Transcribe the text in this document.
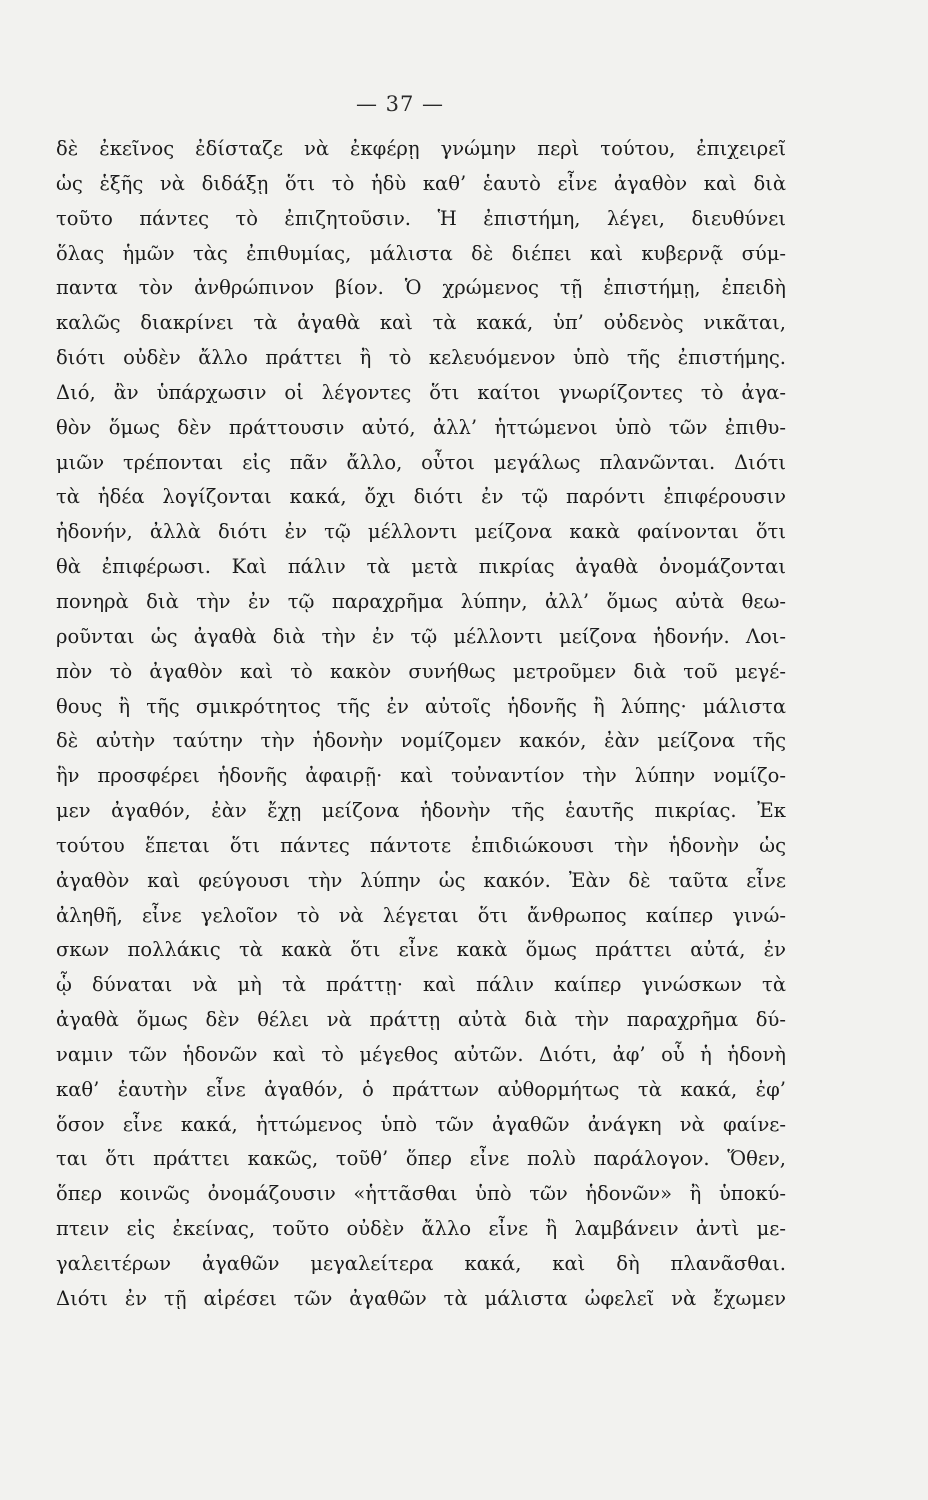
— 37 —
δὲ ἐκεῖνος ἐδίσταζε νὰ ἐκφέρῃ γνώμην περὶ τούτου, ἐπιχειρεῖ
ὡς ἑξῆς νὰ διδάξῃ ὅτι τὸ ἡδὺ καθ’ ἑαυτὸ εἶνε ἀγαθὸν καὶ διὰ
τοῦτο πάντες τὸ ἐπιζητοῦσιν. Ἡ ἐπιστήμη, λέγει, διευθύνει
ὅλας ἡμῶν τὰς ἐπιθυμίας, μάλιστα δὲ διέπει καὶ κυβερνᾷ σύμ-
παντα τὸν ἀνθρώπινον βίον. Ὁ χρώμενος τῇ ἐπιστήμῃ, ἐπειδὴ
καλῶς διακρίνει τὰ ἀγαθὰ καὶ τὰ κακά, ὑπ’ οὐδενὸς νικᾶται,
διότι οὐδὲν ἄλλο πράττει ἢ τὸ κελευόμενον ὑπὸ τῆς ἐπιστήμης.
Διό, ἂν ὑπάρχωσιν οἱ λέγοντες ὅτι καίτοι γνωρίζοντες τὸ ἀγα-
θὸν ὅμως δὲν πράττουσιν αὐτό, ἀλλ’ ἡττώμενοι ὑπὸ τῶν ἐπιθυ-
μιῶν τρέπονται εἰς πᾶν ἄλλο, οὗτοι μεγάλως πλανῶνται. Διότι
τὰ ἡδέα λογίζονται κακά, ὄχι διότι ἐν τῷ παρόντι ἐπιφέρουσιν
ἡδονήν, ἀλλὰ διότι ἐν τῷ μέλλοντι μείζονα κακὰ φαίνονται ὅτι
θὰ ἐπιφέρωσι. Καὶ πάλιν τὰ μετὰ πικρίας ἀγαθὰ ὀνομάζονται
πονηρὰ διὰ τὴν ἐν τῷ παραχρῆμα λύπην, ἀλλ’ ὅμως αὐτὰ θεω-
ροῦνται ὡς ἀγαθὰ διὰ τὴν ἐν τῷ μέλλοντι μείζονα ἡδονήν. Λοι-
πὸν τὸ ἀγαθὸν καὶ τὸ κακὸν συνήθως μετροῦμεν διὰ τοῦ μεγέ-
θους ἢ τῆς σμικρότητος τῆς ἐν αὐτοῖς ἡδονῆς ἢ λύπης· μάλιστα
δὲ αὐτὴν ταύτην τὴν ἡδονὴν νομίζομεν κακόν, ἐὰν μείζονα τῆς
ἣν προσφέρει ἡδονῆς ἀφαιρῇ· καὶ τοὐναντίον τὴν λύπην νομίζο-
μεν ἀγαθόν, ἐὰν ἔχῃ μείζονα ἡδονὴν τῆς ἑαυτῆς πικρίας. Ἐκ
τούτου ἕπεται ὅτι πάντες πάντοτε ἐπιδιώκουσι τὴν ἡδονὴν ὡς
ἀγαθὸν καὶ φεύγουσι τὴν λύπην ὡς κακόν. Ἐὰν δὲ ταῦτα εἶνε
ἀληθῆ, εἶνε γελοῖον τὸ νὰ λέγεται ὅτι ἄνθρωπος καίπερ γινώ-
σκων πολλάκις τὰ κακὰ ὅτι εἶνε κακὰ ὅμως πράττει αὐτά, ἐν
ᾧ δύναται νὰ μὴ τὰ πράττῃ· καὶ πάλιν καίπερ γινώσκων τὰ
ἀγαθὰ ὅμως δὲν θέλει νὰ πράττῃ αὐτὰ διὰ τὴν παραχρῆμα δύ-
ναμιν τῶν ἡδονῶν καὶ τὸ μέγεθος αὐτῶν. Διότι, ἀφ’ οὗ ἡ ἡδονὴ
καθ’ ἑαυτὴν εἶνε ἀγαθόν, ὁ πράττων αὐθορμήτως τὰ κακά, ἐφ’
ὅσον εἶνε κακά, ἡττώμενος ὑπὸ τῶν ἀγαθῶν ἀνάγκη νὰ φαίνε-
ται ὅτι πράττει κακῶς, τοῦθ’ ὅπερ εἶνε πολὺ παράλογον. Ὅθεν,
ὅπερ κοινῶς ὀνομάζουσιν «ἡττᾶσθαι ὑπὸ τῶν ἡδονῶν» ἢ ὑποκύ-
πτειν εἰς ἐκείνας, τοῦτο οὐδὲν ἄλλο εἶνε ἢ λαμβάνειν ἀντὶ με-
γαλειτέρων ἀγαθῶν μεγαλείτερα κακά, καὶ δὴ πλανᾶσθαι.
Διότι ἐν τῇ αἱρέσει τῶν ἀγαθῶν τὰ μάλιστα ὠφελεῖ νὰ ἔχωμεν
